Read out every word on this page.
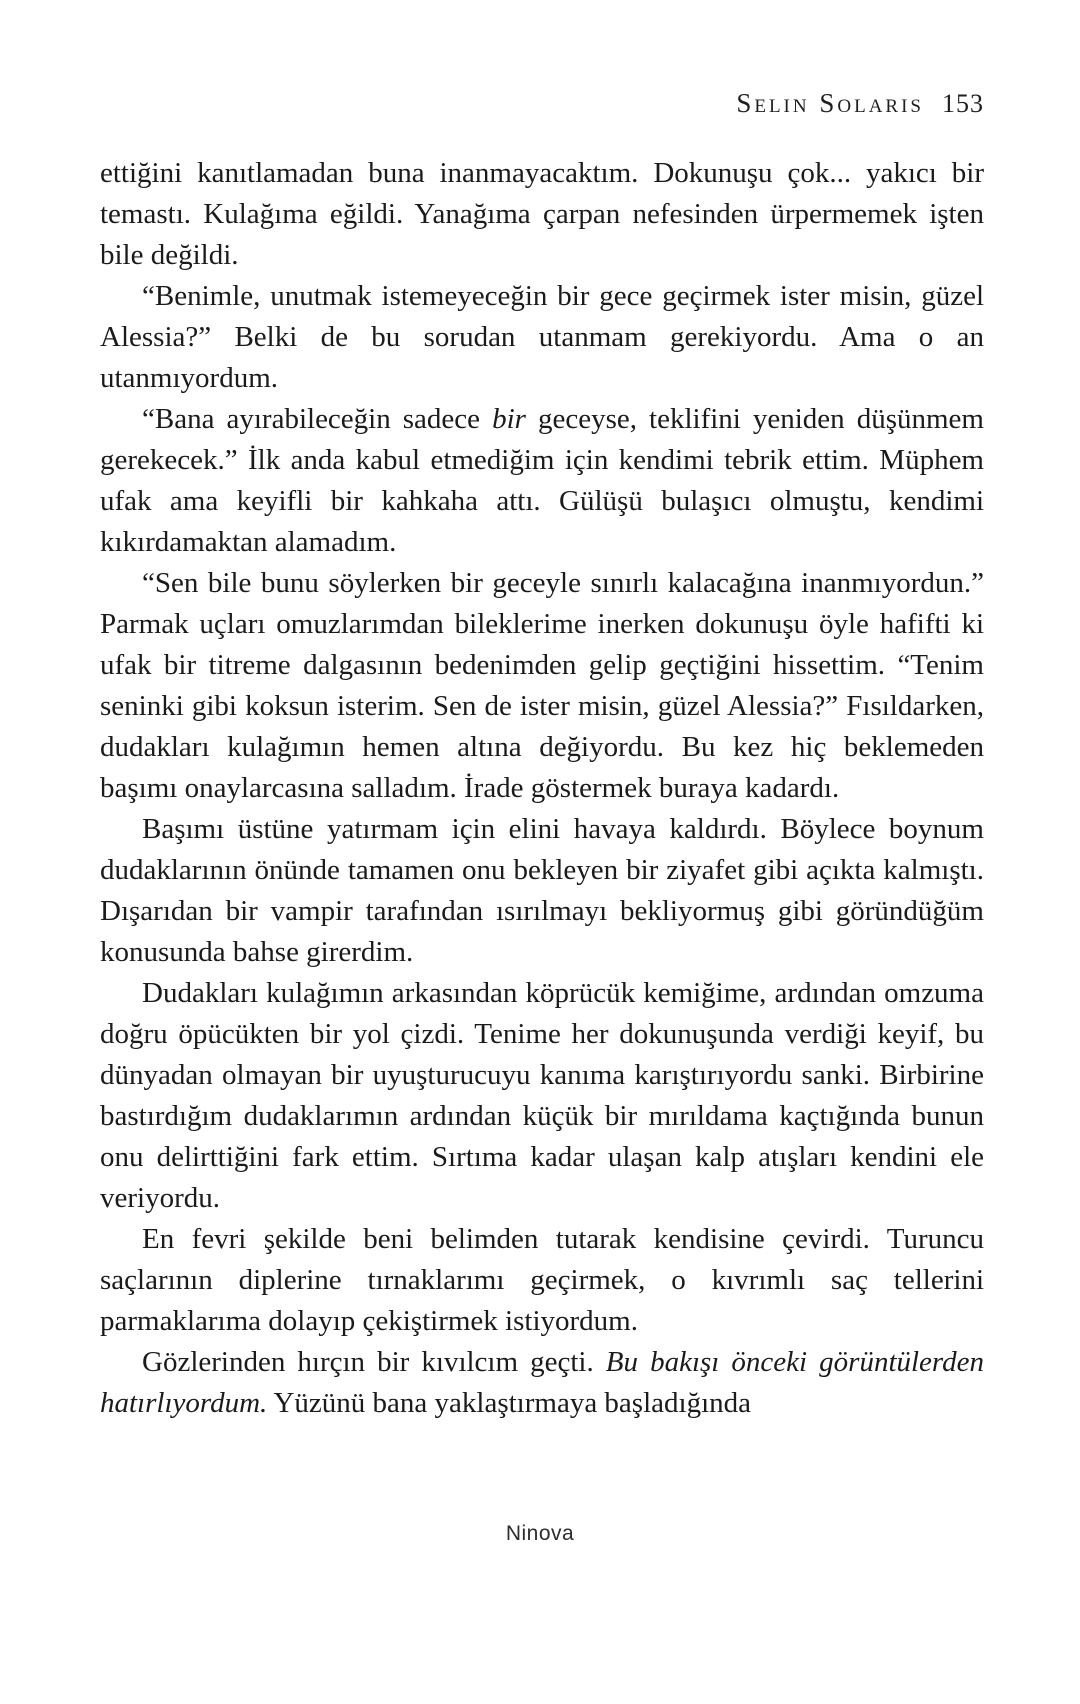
Selin Solaris 153

ettiğini kanıtlamadan buna inanmayacaktım. Dokunuşu çok... yakıcı bir temastı. Kulağıma eğildi. Yanağıma çarpan nefesinden ürpermemek işten bile değildi.

“Benimle, unutmak istemeyeceğin bir gece geçirmek ister misin, güzel Alessia?” Belki de bu sorudan utanmam gerekiyordu. Ama o an utanmıyordum.

“Bana ayırabileceğin sadece bir geceyse, teklifini yeniden düşünmem gerekecek.” İlk anda kabul etmediğim için kendimi tebrik ettim. Müphem ufak ama keyifli bir kahkaha attı. Gülüşü bulaşıcı olmuştu, kendimi kıkırdamaktan alamadım.

“Sen bile bunu söylerken bir geceyle sınırlı kalacağına inanmıyordun.” Parmak uçları omuzlarımdan bileklerime inerken dokunuşu öyle hafifti ki ufak bir titreme dalgasının bedenimden gelip geçtiğini hissettim. “Tenim seninki gibi koksun isterim. Sen de ister misin, güzel Alessia?” Fısıldarken, dudakları kulağımın hemen altına değiyordu. Bu kez hiç beklemeden başımı onaylarcasına salladım. İrade göstermek buraya kadardı.

Başımı üstüne yatırmam için elini havaya kaldırdı. Böylece boynum dudaklarının önünde tamamen onu bekleyen bir ziyafet gibi açıkta kalmıştı. Dışarıdan bir vampir tarafından ısırılmayı bekliyormuş gibi göründüğüm konusunda bahse girerdim.

Dudakları kulağımın arkasından köprücük kemiğime, ardından omzuma doğru öpücükten bir yol çizdi. Tenime her dokunuşunda verdiği keyif, bu dünyadan olmayan bir uyuşturucuyu kanıma karıştırıyordu sanki. Birbirine bastırdığım dudaklarımın ardından küçük bir mırıldama kaçtığında bunun onu delirttiğini fark ettim. Sırtıma kadar ulaşan kalp atışları kendini ele veriyordu.

En fevri şekilde beni belimden tutarak kendisine çevirdi. Turuncu saçlarının diplerine tırnaklarımı geçirmek, o kıvrımlı saç tellerini parmaklarıma dolayıp çekiştirmek istiyordum.

Gözlerinden hırçın bir kıvılcım geçti. Bu bakışı önceki görüntülerden hatırlıyordum. Yüzünü bana yaklaştırmaya başladığında

Ninova
